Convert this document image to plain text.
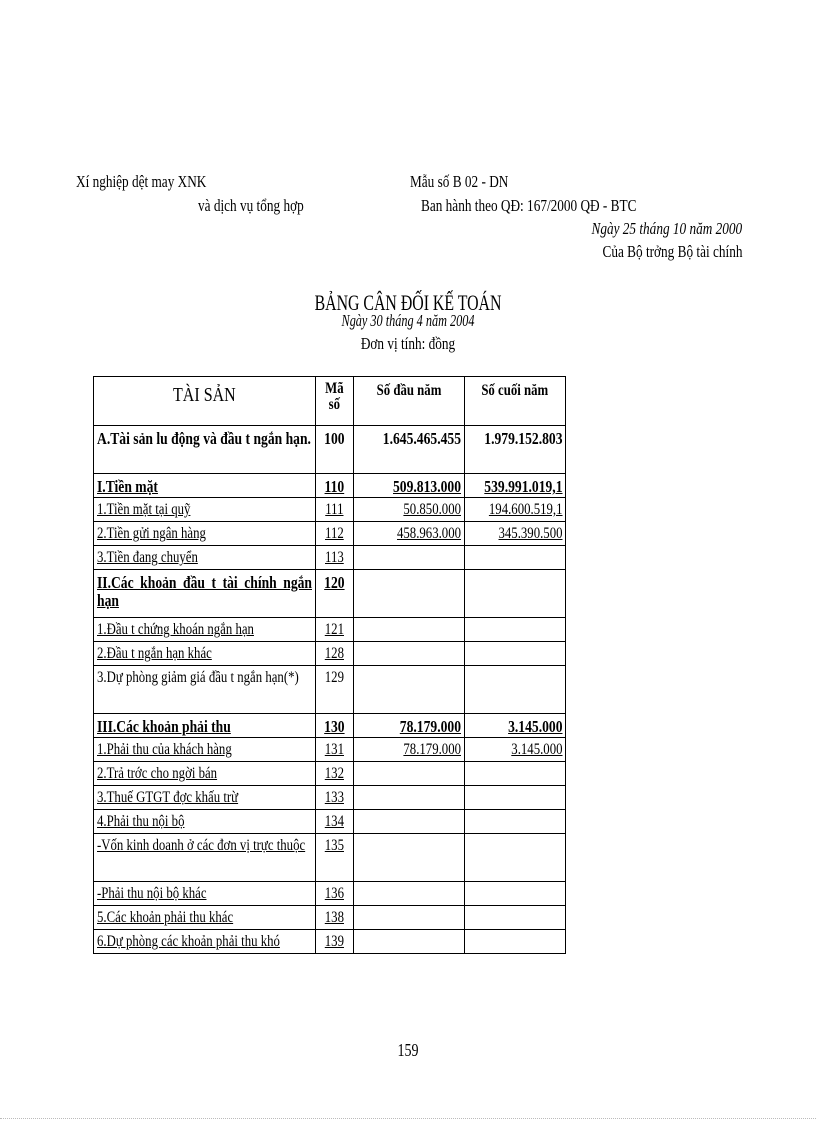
Xí nghiệp dệt may XNK
và dịch vụ tổng hợp
Mẫu số B 02 - DN
Ban hành theo QĐ: 167/2000 QĐ - BTC
Ngày 25 tháng 10 năm 2000
Của Bộ trởng Bộ tài chính
BẢNG CÂN ĐỐI KẾ TOÁN
Ngày 30 tháng 4 năm 2004
Đơn vị tính: đồng
TÀI SẢN	Mã số	Số đầu năm	Số cuối năm

A.Tài sản lu động và đầu t ngắn hạn.	100	1.645.465.455	1.979.152.803

I.Tiền mặt	110	509.813.000	539.991.019,1

1.Tiền mặt tại quỹ	111	50.850.000	194.600.519,1

2.Tiền gửi ngân hàng	112	458.963.000	345.390.500

3.Tiền đang chuyển	113		

II.Các khoản đầu t tài chính ngắn hạn	120		

1.Đầu t chứng khoán ngắn hạn	121		

2.Đầu t ngắn hạn khác	128		

3.Dự phòng giảm giá đầu t ngắn hạn(*)	129		

III.Các khoản phải thu	130	78.179.000	3.145.000

1.Phải thu của khách hàng	131	78.179.000	3.145.000

2.Trả trớc cho ngời bán	132		

3.Thuế GTGT đợc khấu trừ	133		

4.Phải thu nội bộ	134		

-Vốn kinh doanh ở các đơn vị trực thuộc	135		

-Phải thu nội bộ khác	136		

5.Các khoản phải thu khác	138		

6.Dự phòng các khoản phải thu khó	139		

159
